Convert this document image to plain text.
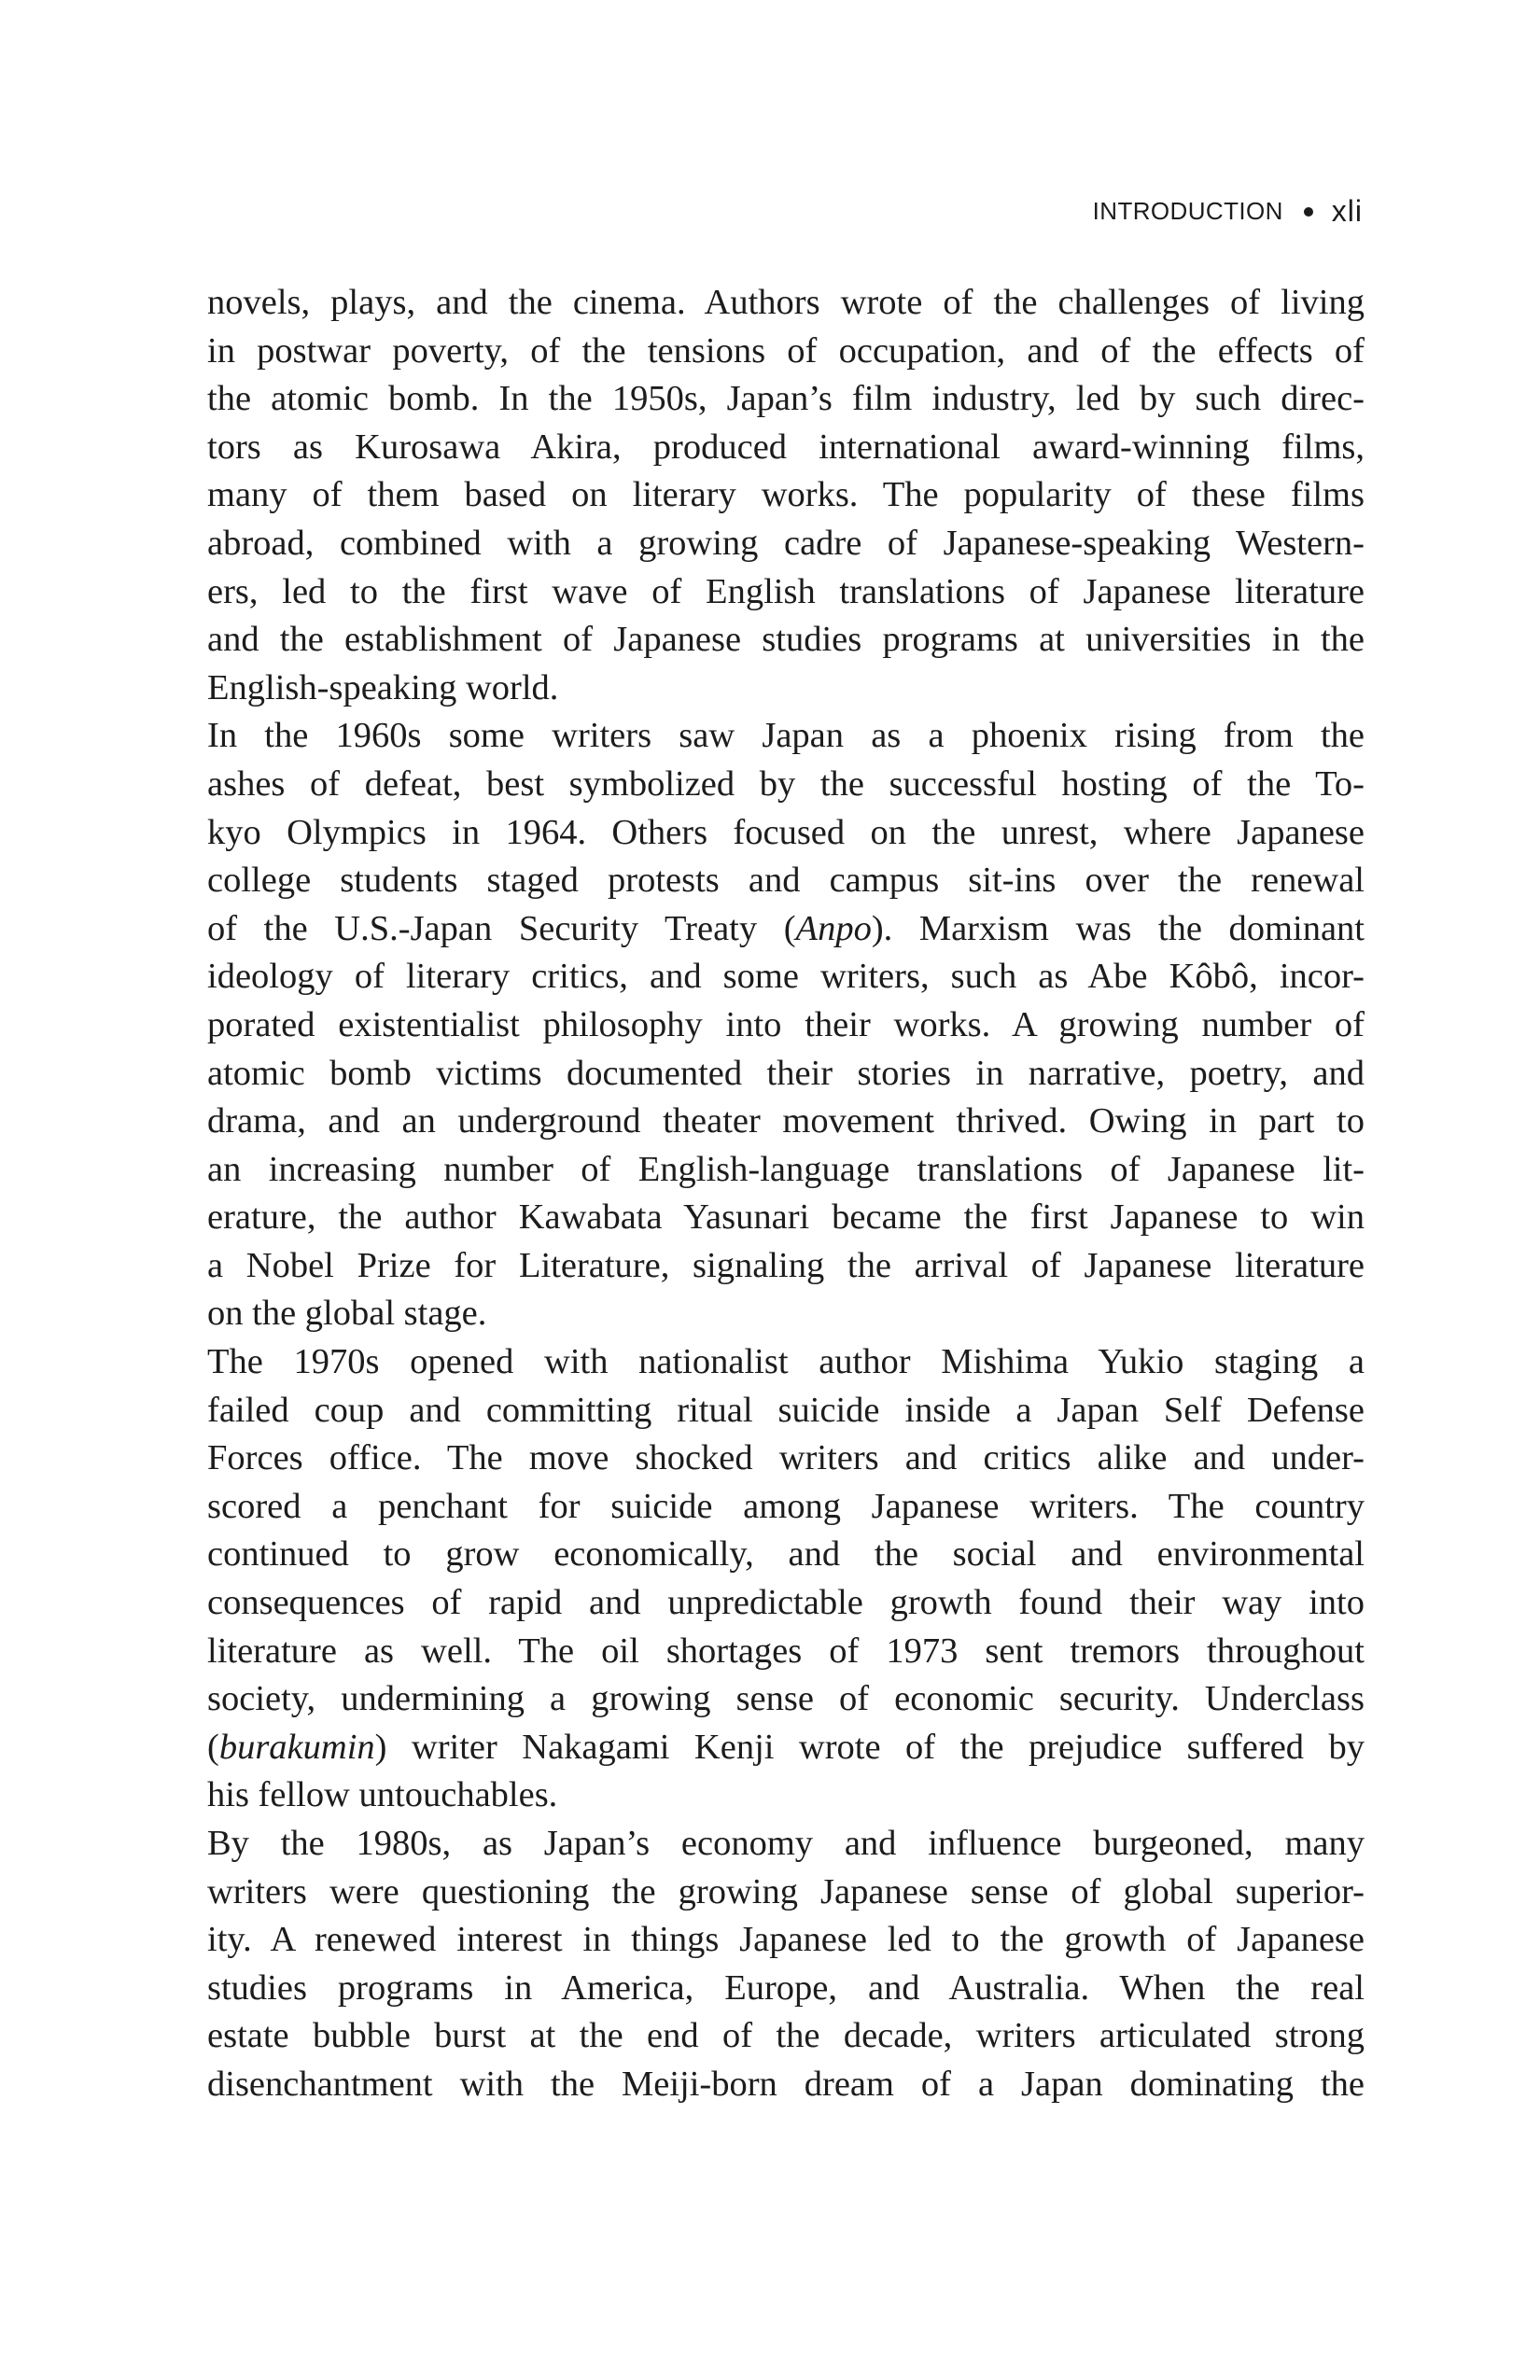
INTRODUCTION xli

novels, plays, and the cinema. Authors wrote of the challenges of living
in postwar poverty, of the tensions of occupation, and of the effects of
the atomic bomb. In the 1950s, Japan’s film industry, led by such direc-
tors as Kurosawa Akira, produced international award-winning films,
many of them based on literary works. The popularity of these films
abroad, combined with a growing cadre of Japanese-speaking Western-
ers, led to the first wave of English translations of Japanese literature
and the establishment of Japanese studies programs at universities in the
English-speaking world.

In the 1960s some writers saw Japan as a phoenix rising from the
ashes of defeat, best symbolized by the successful hosting of the To-
kyo Olympics in 1964. Others focused on the unrest, where Japanese
college students staged protests and campus sit-ins over the renewal
of the U.S.-Japan Security Treaty (Anpo). Marxism was the dominant
ideology of literary critics, and some writers, such as Abe Kôbô, incor-
porated existentialist philosophy into their works. A growing number of
atomic bomb victims documented their stories in narrative, poetry, and
drama, and an underground theater movement thrived. Owing in part to
an increasing number of English-language translations of Japanese lit-
erature, the author Kawabata Yasunari became the first Japanese to win
a Nobel Prize for Literature, signaling the arrival of Japanese literature
on the global stage.

The 1970s opened with nationalist author Mishima Yukio staging a
failed coup and committing ritual suicide inside a Japan Self Defense
Forces office. The move shocked writers and critics alike and under-
scored a penchant for suicide among Japanese writers. The country
continued to grow economically, and the social and environmental
consequences of rapid and unpredictable growth found their way into
literature as well. The oil shortages of 1973 sent tremors throughout
society, undermining a growing sense of economic security. Underclass
(burakumin) writer Nakagami Kenji wrote of the prejudice suffered by
his fellow untouchables.

By the 1980s, as Japan’s economy and influence burgeoned, many
writers were questioning the growing Japanese sense of global superior-
ity. A renewed interest in things Japanese led to the growth of Japanese
studies programs in America, Europe, and Australia. When the real
estate bubble burst at the end of the decade, writers articulated strong
disenchantment with the Meiji-born dream of a Japan dominating the
